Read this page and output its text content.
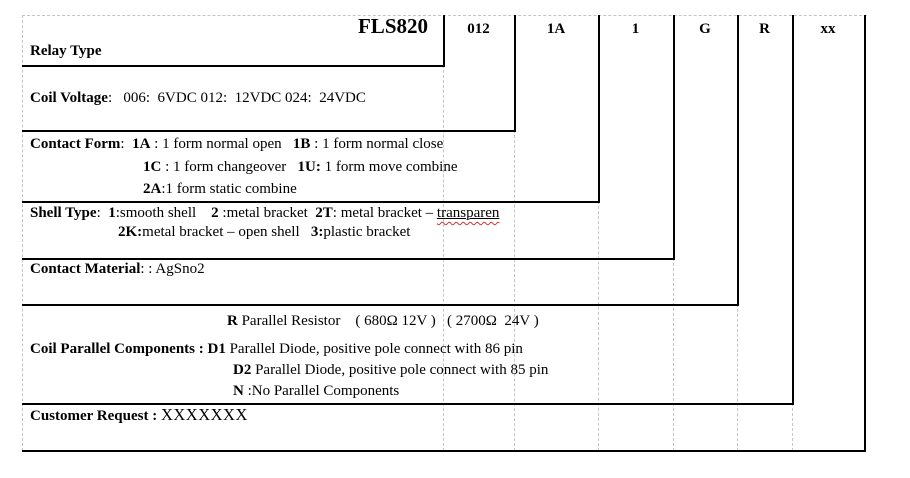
FLS820	012	1A	1	G	R	xx
Relay Type
Coil Voltage:   006:  6VDC 012:  12VDC 024:  24VDC
Contact Form:  1A : 1 form normal open   1B : 1 form normal close
1C : 1 form changeover   1U: 1 form move combine
2A:1 form static combine
Shell Type:  1:smooth shell    2 :metal bracket  2T: metal bracket – transparen
2K:metal bracket – open shell   3:plastic bracket
Contact Material: : AgSno2
R Parallel Resistor    ( 680Ω 12V )   ( 2700Ω  24V )
Coil Parallel Components : D1 Parallel Diode, positive pole connect with 86 pin
D2 Parallel Diode, positive pole connect with 85 pin
N :No Parallel Components
Customer Request : XXXXXXX
